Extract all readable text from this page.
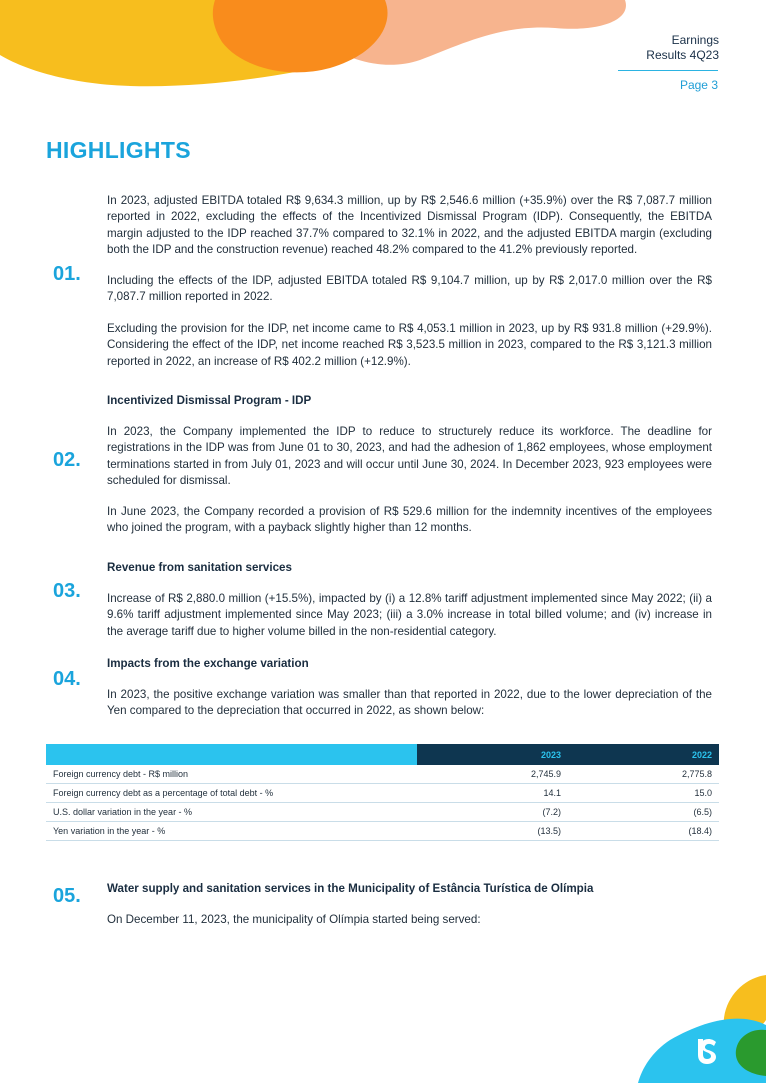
Earnings
Results 4Q23
Page 3
HIGHLIGHTS
01.

In 2023, adjusted EBITDA totaled R$ 9,634.3 million, up by R$ 2,546.6 million (+35.9%) over the R$ 7,087.7 million reported in 2022, excluding the effects of the Incentivized Dismissal Program (IDP). Consequently, the EBITDA margin adjusted to the IDP reached 37.7% compared to 32.1% in 2022, and the adjusted EBITDA margin (excluding both the IDP and the construction revenue) reached 48.2% compared to the 41.2% previously reported.

Including the effects of the IDP, adjusted EBITDA totaled R$ 9,104.7 million, up by R$ 2,017.0 million over the R$ 7,087.7 million reported in 2022.

Excluding the provision for the IDP, net income came to R$ 4,053.1 million in 2023, up by R$ 931.8 million (+29.9%). Considering the effect of the IDP, net income reached R$ 3,523.5 million in 2023, compared to the R$ 3,121.3 million reported in 2022, an increase of R$ 402.2 million (+12.9%).

02.

Incentivized Dismissal Program - IDP

In 2023, the Company implemented the IDP to reduce to structurely reduce its workforce. The deadline for registrations in the IDP was from June 01 to 30, 2023, and had the adhesion of 1,862 employees, whose employment terminations started in from July 01, 2023 and will occur until June 30, 2024. In December 2023, 923 employees were scheduled for dismissal.

In June 2023, the Company recorded a provision of R$ 529.6 million for the indemnity incentives of the employees who joined the program, with a payback slightly higher than 12 months.

03.

Revenue from sanitation services

Increase of R$ 2,880.0 million (+15.5%), impacted by (i) a 12.8% tariff adjustment implemented since May 2022; (ii) a 9.6% tariff adjustment implemented since May 2023; (iii) a 3.0% increase in total billed volume; and (iv) increase in the average tariff due to higher volume billed in the non-residential category.

04.

Impacts from the exchange variation

In 2023, the positive exchange variation was smaller than that reported in 2022, due to the lower depreciation of the Yen compared to the depreciation that occurred in 2022, as shown below:

	2023	2022
Foreign currency debt - R$ million	2,745.9	2,775.8
Foreign currency debt as a percentage of total debt - %	14.1	15.0
U.S. dollar variation in the year - %	(7.2)	(6.5)
Yen variation in the year - %	(13.5)	(18.4)
05. Water supply and sanitation services in the Municipality of Estância Turística de Olímpia

On December 11, 2023, the municipality of Olímpia started being served:
